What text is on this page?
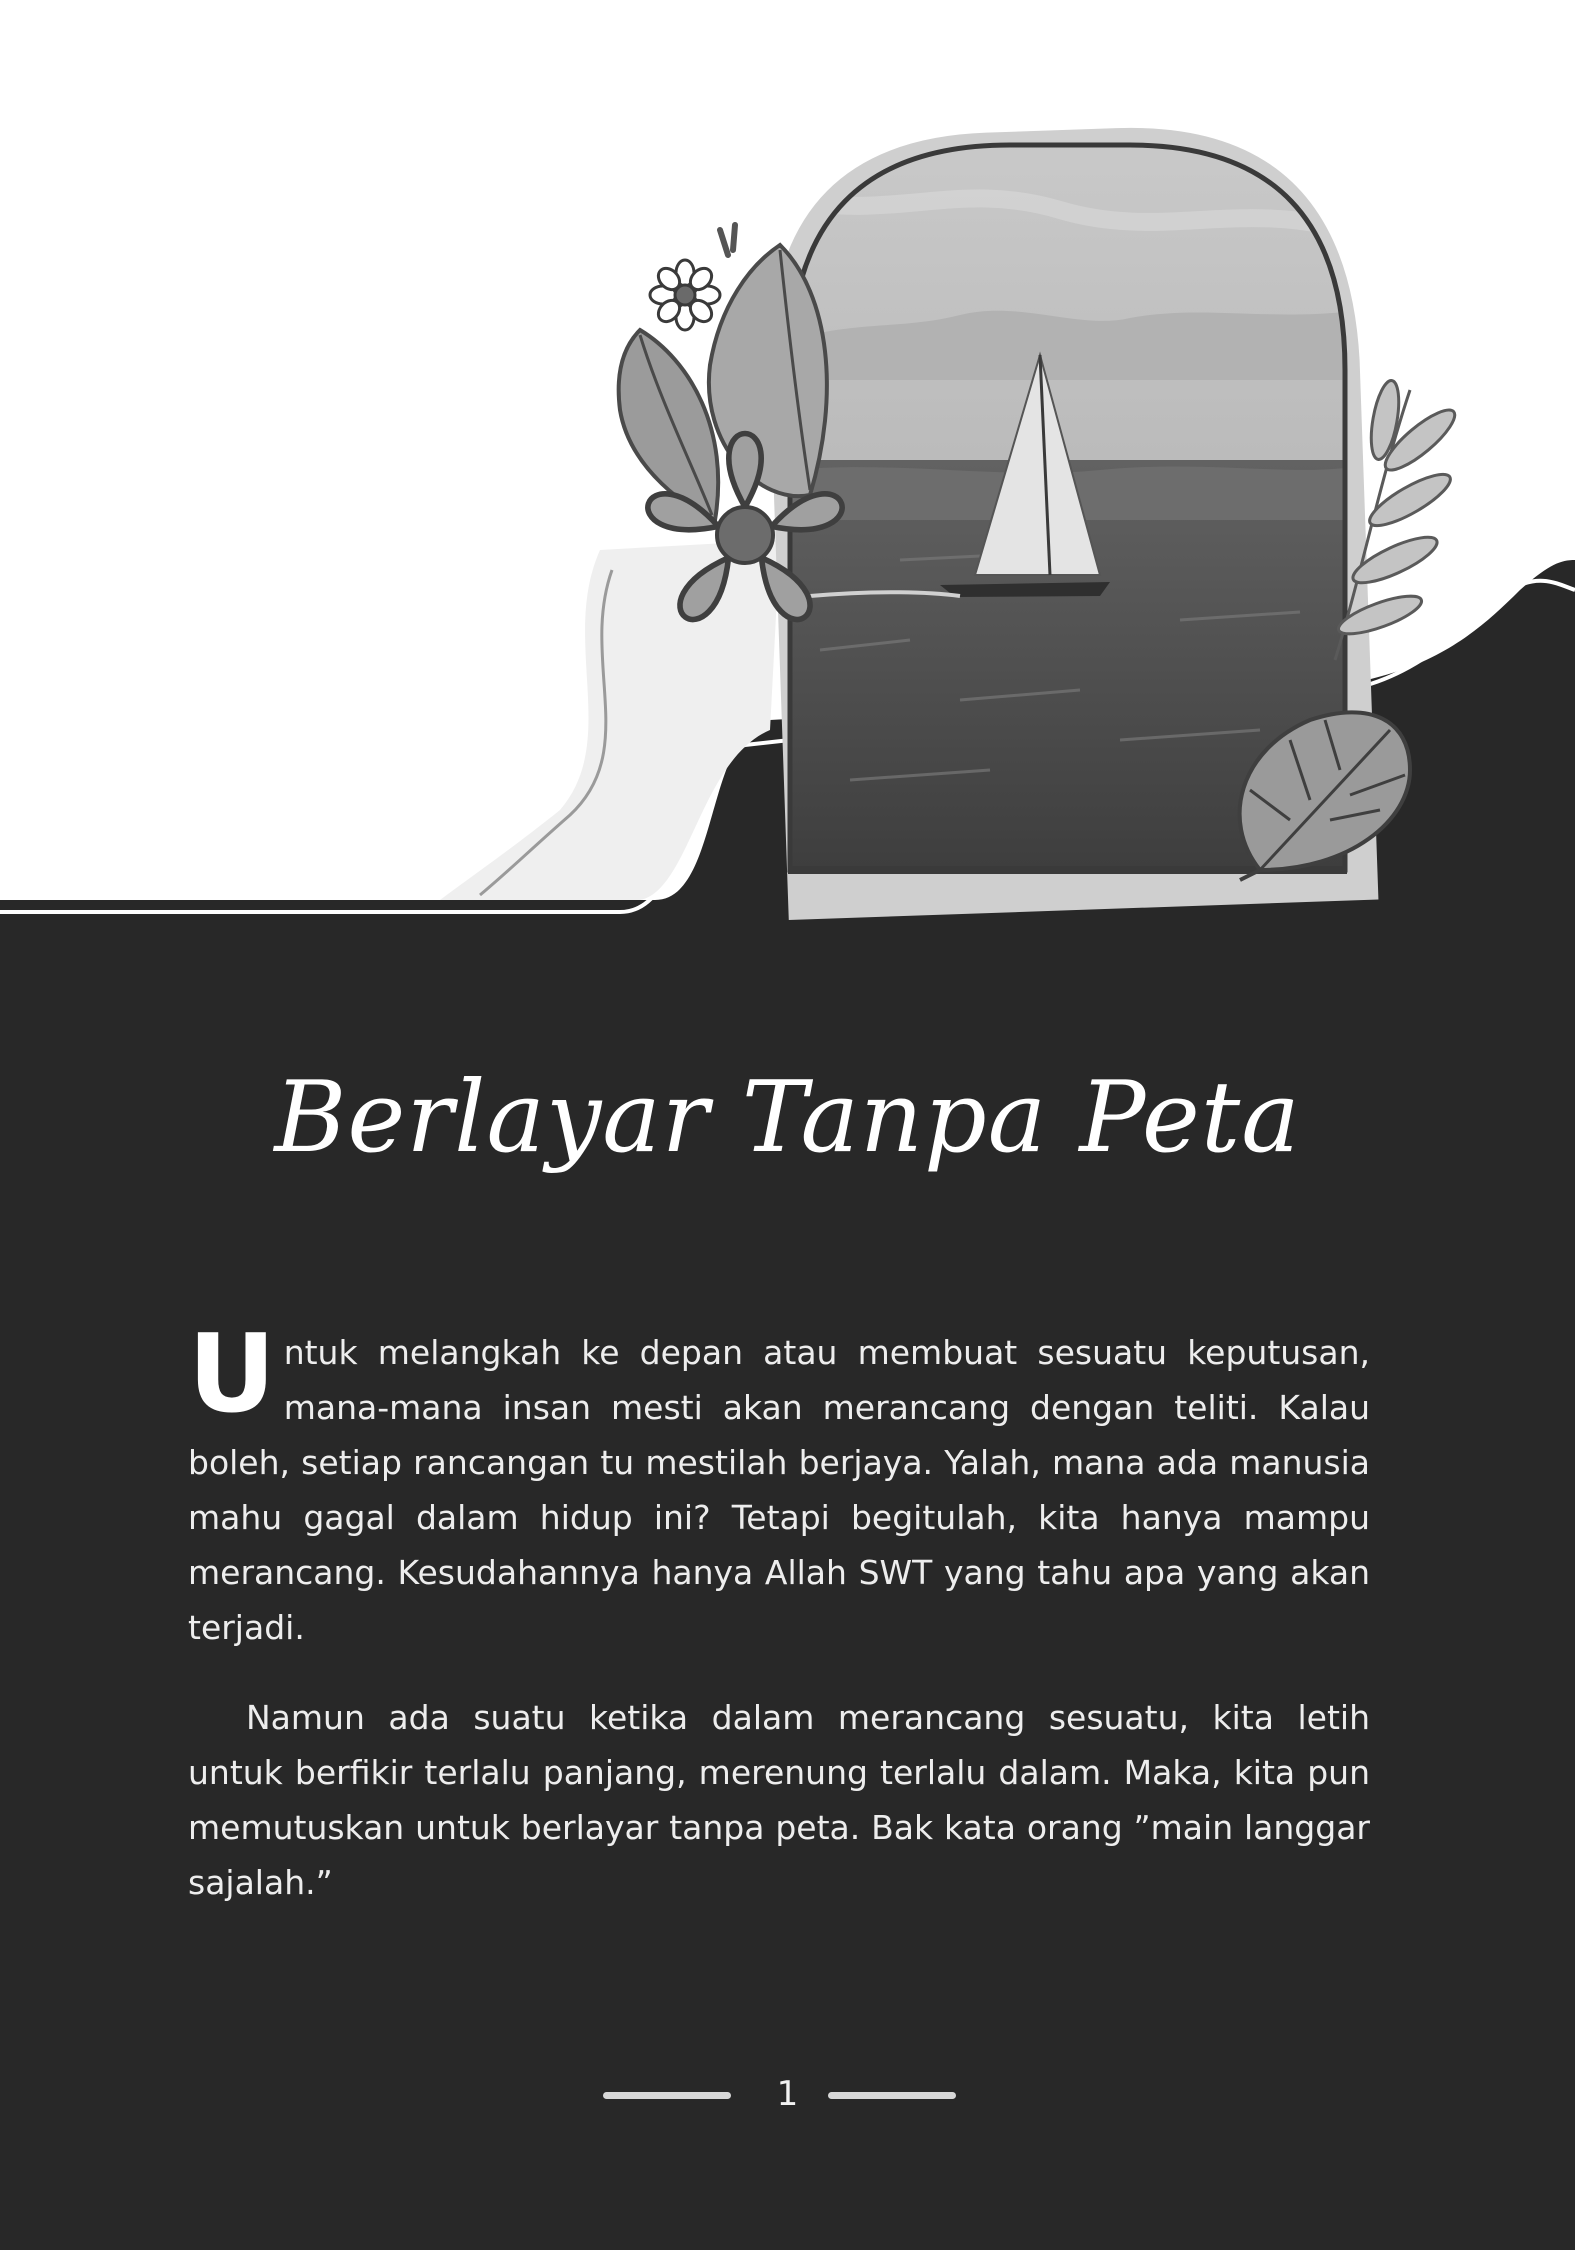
Berlayar Tanpa Peta

Untuk melangkah ke depan atau membuat sesuatu keputusan, mana-mana insan mesti akan merancang dengan teliti. Kalau boleh, setiap rancangan tu mestilah berjaya. Yalah, mana ada manusia mahu gagal dalam hidup ini? Tetapi begitulah, kita hanya mampu merancang. Kesudahannya hanya Allah SWT yang tahu apa yang akan terjadi.

Namun ada suatu ketika dalam merancang sesuatu, kita letih untuk berfikir terlalu panjang, merenung terlalu dalam. Maka, kita pun memutuskan untuk berlayar tanpa peta. Bak kata orang ”main langgar sajalah.”

1
